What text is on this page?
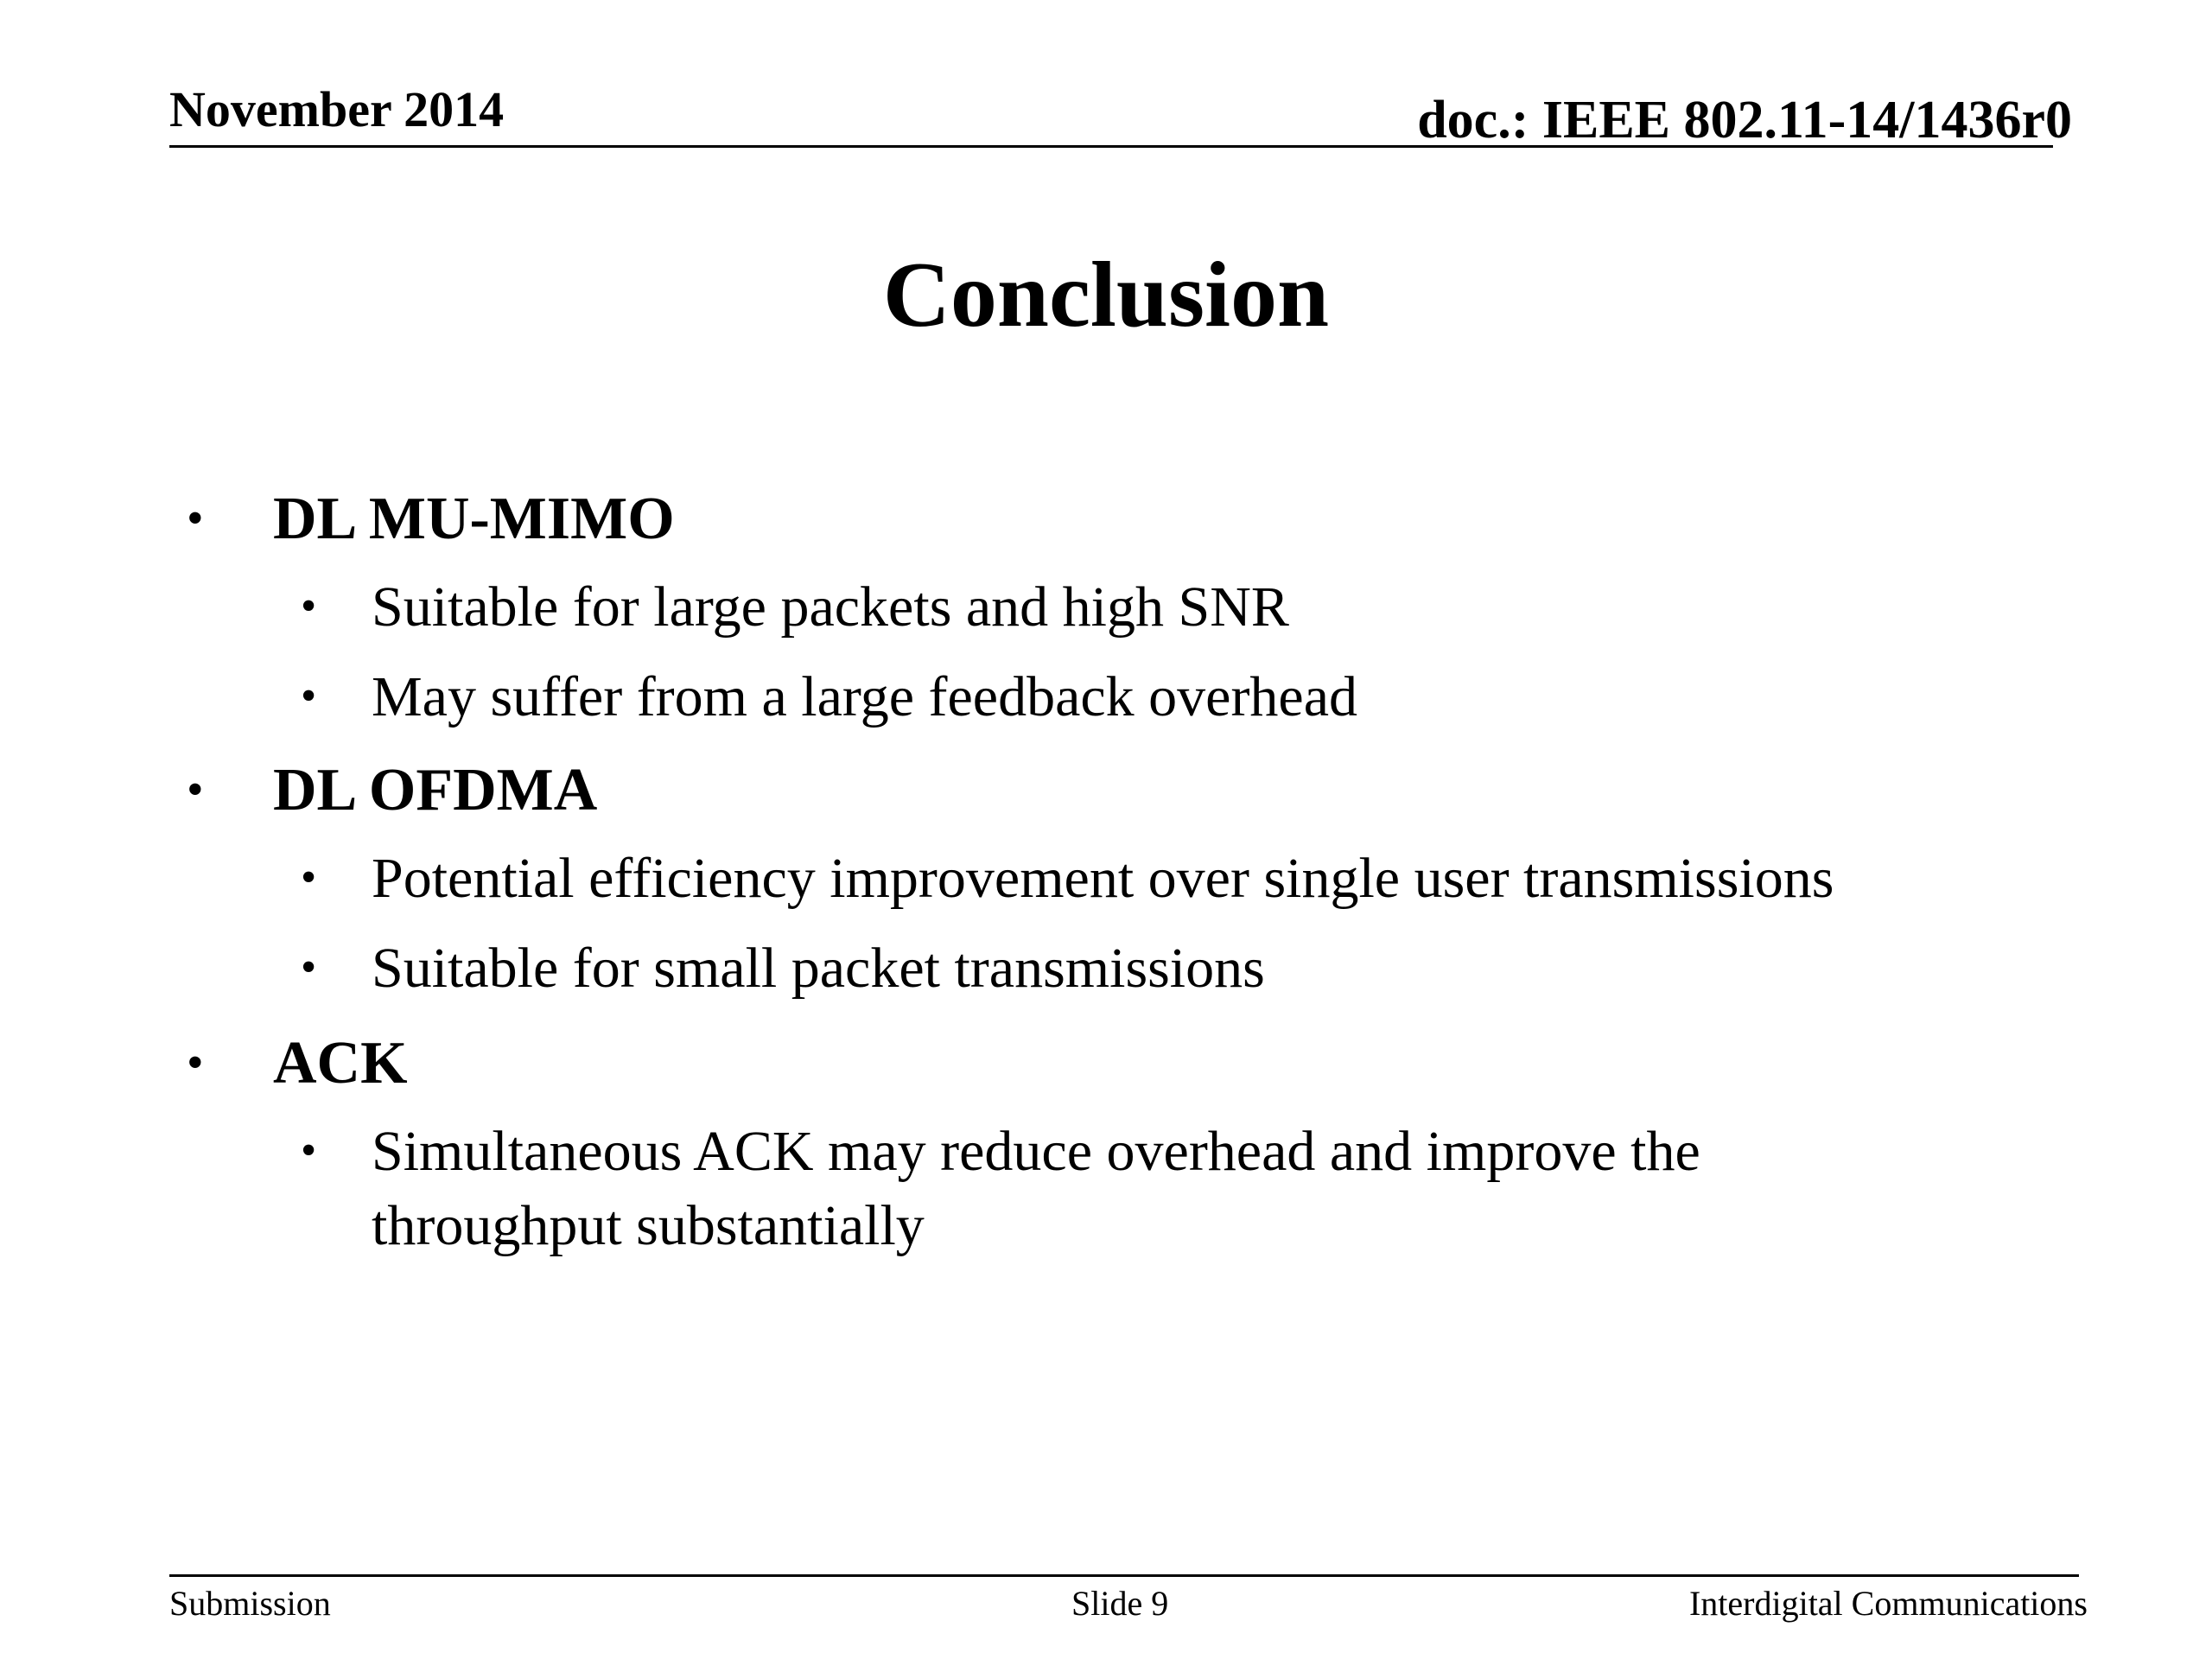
November 2014	doc.: IEEE 802.11-14/1436r0
Conclusion
• DL MU-MIMO
• Suitable for large packets and high SNR
• May suffer from a large feedback overhead
• DL OFDMA
• Potential efficiency improvement over single user transmissions
• Suitable for small packet transmissions
• ACK
• Simultaneous ACK may reduce overhead and improve the
throughput substantially
Submission	Slide 9	Interdigital Communications
